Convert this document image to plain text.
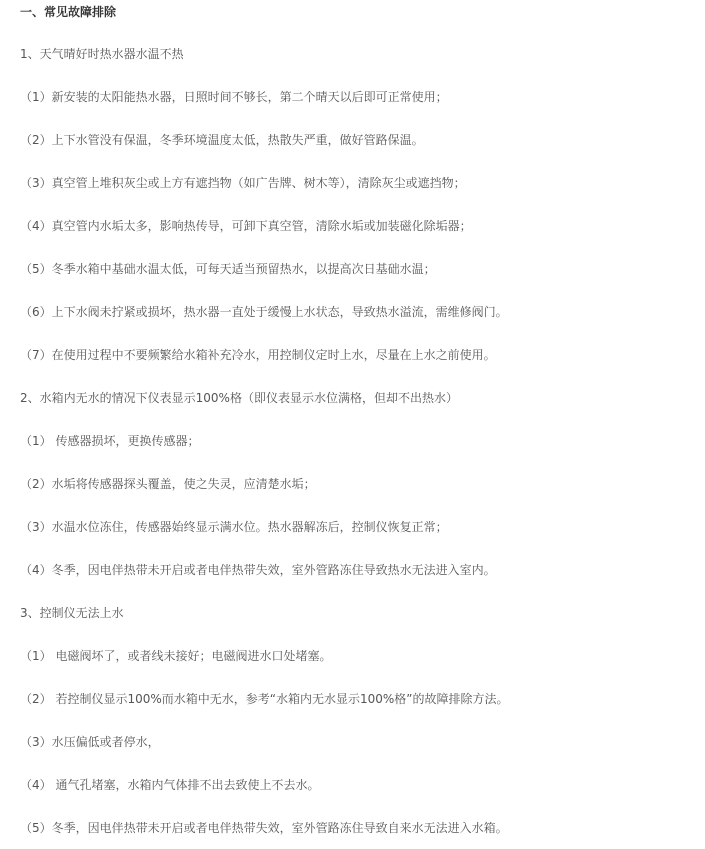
一、常见故障排除
1、天气晴好时热水器水温不热
（1）新安装的太阳能热水器，日照时间不够长，第二个晴天以后即可正常使用；
（2）上下水管没有保温，冬季环境温度太低，热散失严重，做好管路保温。
（3）真空管上堆积灰尘或上方有遮挡物（如广告牌、树木等），清除灰尘或遮挡物；
（4）真空管内水垢太多，影响热传导，可卸下真空管，清除水垢或加装磁化除垢器；
（5）冬季水箱中基础水温太低，可每天适当预留热水，以提高次日基础水温；
（6）上下水阀未拧紧或损坏，热水器一直处于缓慢上水状态，导致热水溢流，需维修阀门。
（7）在使用过程中不要频繁给水箱补充冷水，用控制仪定时上水，尽量在上水之前使用。
2、水箱内无水的情况下仪表显示100%格（即仪表显示水位满格，但却不出热水）
（1） 传感器损坏，更换传感器；
（2）水垢将传感器探头覆盖，使之失灵，应清楚水垢；
（3）水温水位冻住，传感器始终显示满水位。热水器解冻后，控制仪恢复正常；
（4）冬季，因电伴热带未开启或者电伴热带失效，室外管路冻住导致热水无法进入室内。
3、控制仪无法上水
（1） 电磁阀坏了，或者线未接好；电磁阀进水口处堵塞。
（2） 若控制仪显示100%而水箱中无水，参考“水箱内无水显示100%格”的故障排除方法。
（3）水压偏低或者停水，
（4） 通气孔堵塞，水箱内气体排不出去致使上不去水。
（5）冬季，因电伴热带未开启或者电伴热带失效，室外管路冻住导致自来水无法进入水箱。
